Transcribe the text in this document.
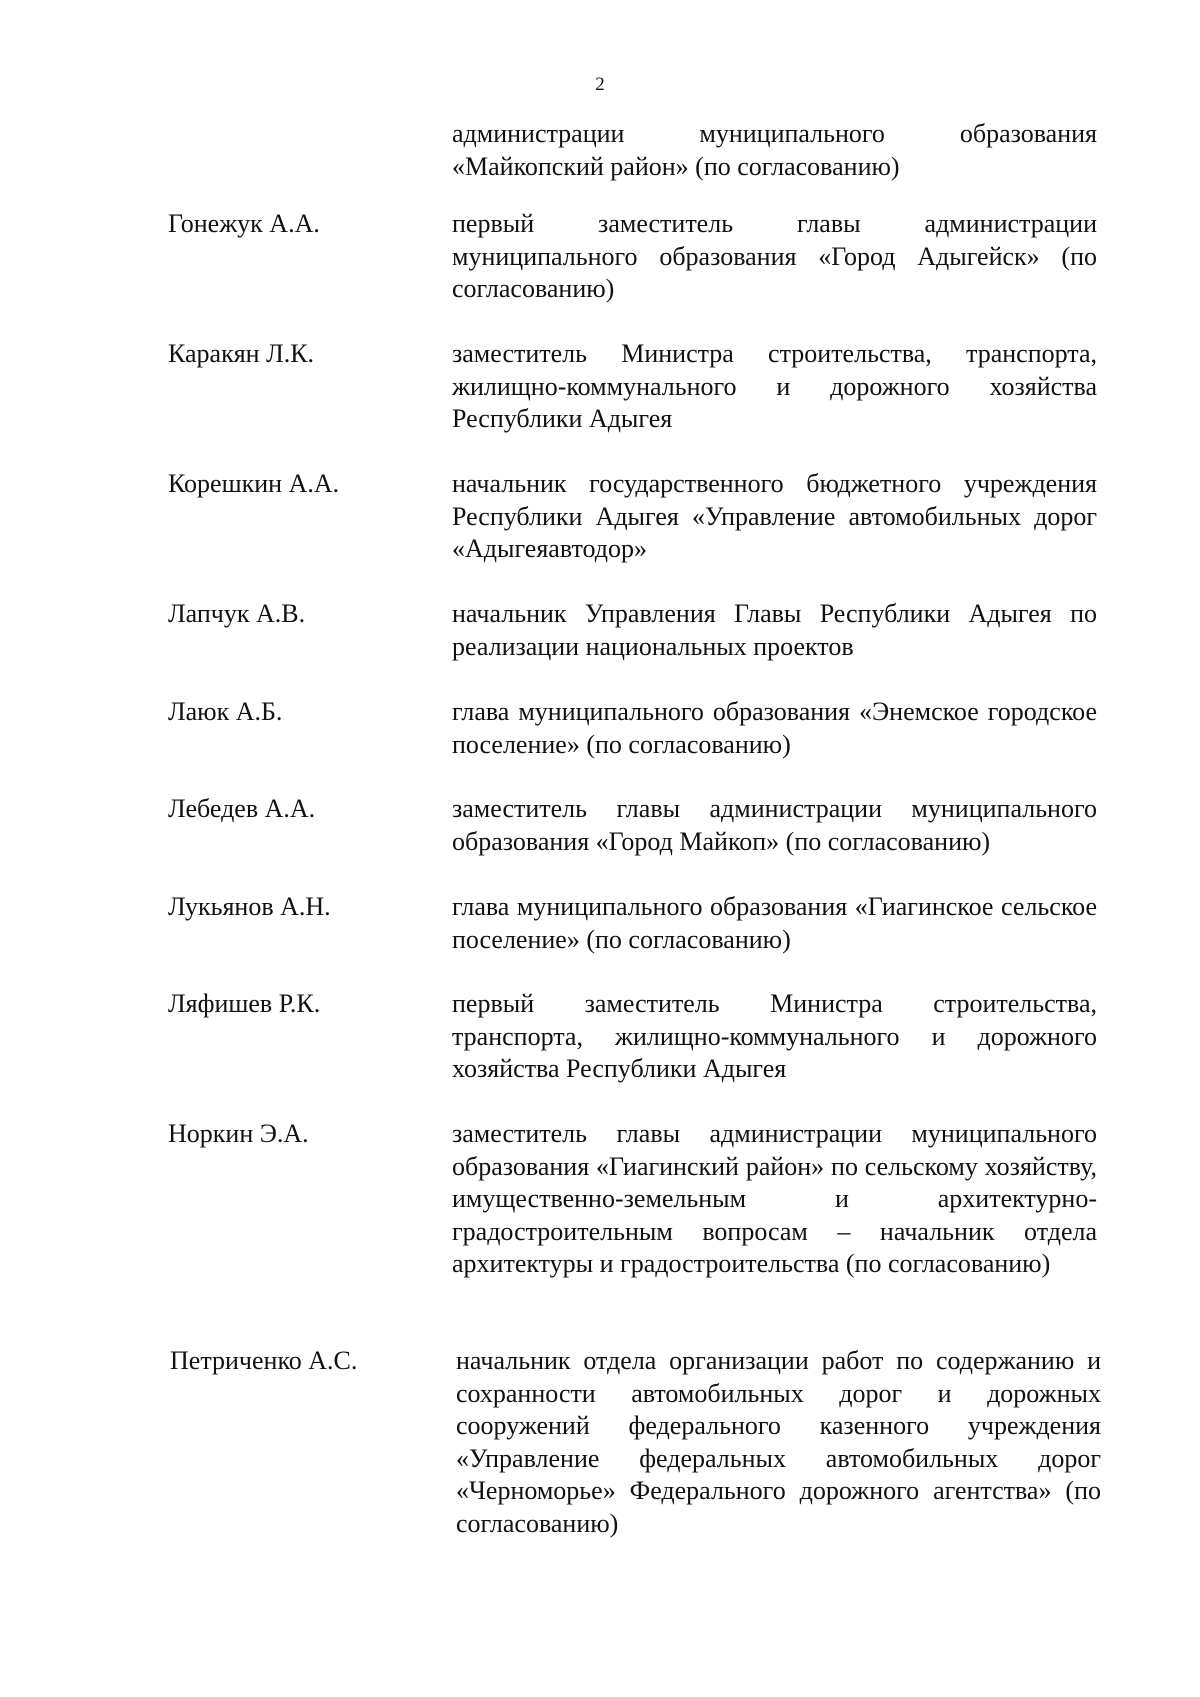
2
администрации муниципального образования «Майкопский район» (по согласованию)
Гонежук А.А.	первый заместитель главы администрации муниципального образования «Город Адыгейск» (по согласованию)
Каракян Л.К.	заместитель Министра строительства, транспорта, жилищно-коммунального и дорожного хозяйства Республики Адыгея
Корешкин А.А.	начальник государственного бюджетного учреждения Республики Адыгея «Управление автомобильных дорог «Адыгеяавтодор»
Лапчук А.В.	начальник Управления Главы Республики Адыгея по реализации национальных проектов
Лаюк А.Б.	глава муниципального образования «Энемское городское поселение» (по согласованию)
Лебедев А.А.	заместитель главы администрации муниципального образования «Город Майкоп» (по согласованию)
Лукьянов А.Н.	глава муниципального образования «Гиагинское сельское поселение» (по согласованию)
Ляфишев Р.К.	первый заместитель Министра строительства, транспорта, жилищно-коммунального и дорожного хозяйства Республики Адыгея
Норкин Э.А.	заместитель главы администрации муниципального образования «Гиагинский район» по сельскому хозяйству, имущественно-земельным и архитектурно-градостроительным вопросам – начальник отдела архитектуры и градостроительства (по согласованию)
Петриченко А.С.	начальник отдела организации работ по содержанию и сохранности автомобильных дорог и дорожных сооружений федерального казенного учреждения «Управление федеральных автомобильных дорог «Черноморье» Федерального дорожного агентства» (по согласованию)
